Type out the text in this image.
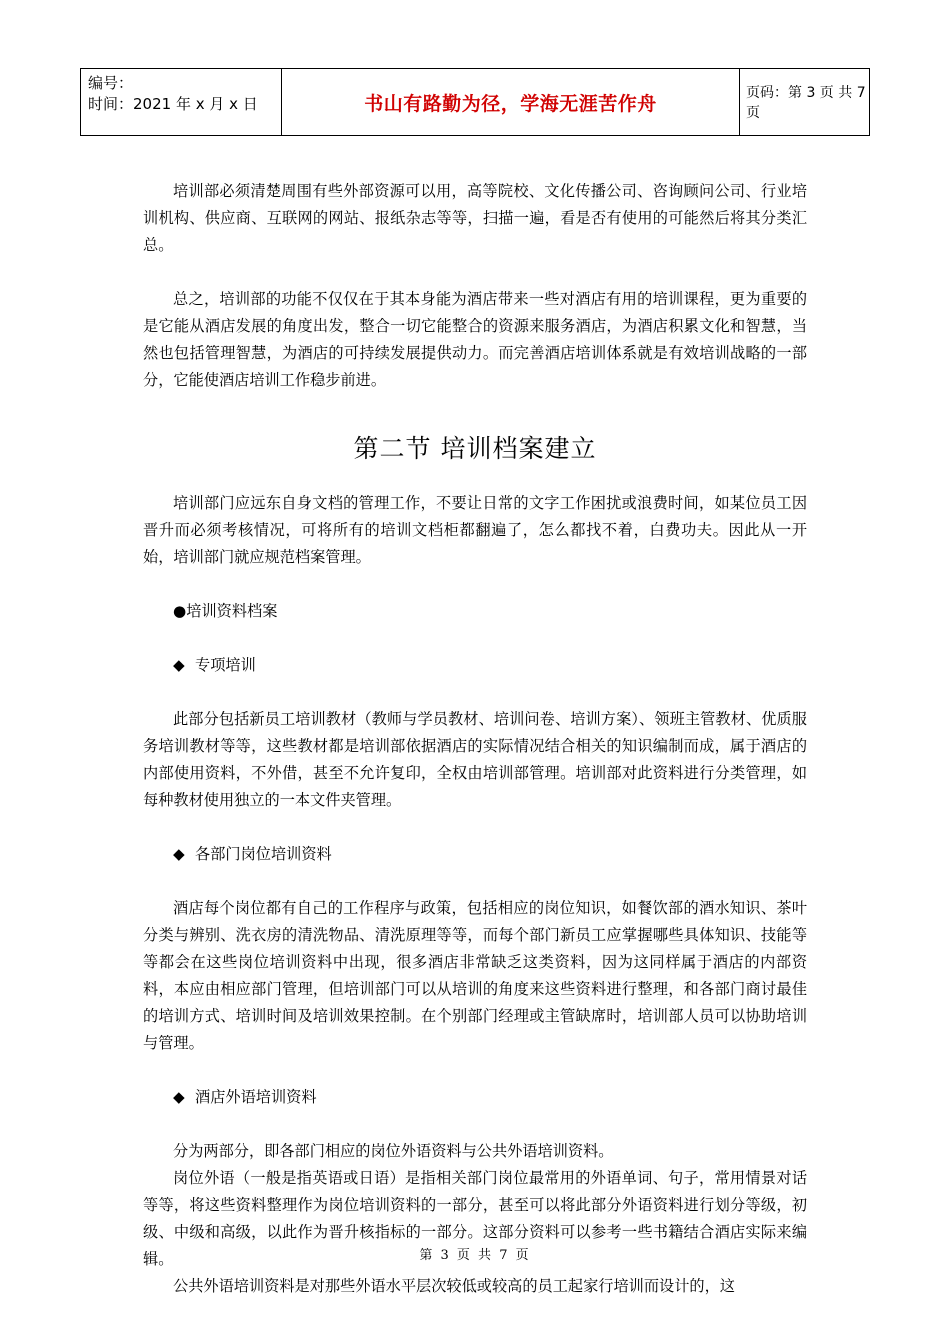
编号：
时间：2021 年 x 月 x 日	书山有路勤为径，学海无涯苦作舟	页码：第 3 页 共 7 页

培训部必须清楚周围有些外部资源可以用，高等院校、文化传播公司、咨询顾问公司、行业培训机构、供应商、互联网的网站、报纸杂志等等，扫描一遍，看是否有使用的可能然后将其分类汇总。

总之，培训部的功能不仅仅在于其本身能为酒店带来一些对酒店有用的培训课程，更为重要的是它能从酒店发展的角度出发，整合一切它能整合的资源来服务酒店，为酒店积累文化和智慧，当然也包括管理智慧，为酒店的可持续发展提供动力。而完善酒店培训体系就是有效培训战略的一部分，它能使酒店培训工作稳步前进。

第二节 培训档案建立

培训部门应远东自身文档的管理工作，不要让日常的文字工作困扰或浪费时间，如某位员工因晋升而必须考核情况，可将所有的培训文档柜都翻遍了，怎么都找不着，白费功夫。因此从一开始，培训部门就应规范档案管理。

●培训资料档案

◆ 专项培训

此部分包括新员工培训教材（教师与学员教材、培训问卷、培训方案）、领班主管教材、优质服务培训教材等等，这些教材都是培训部依据酒店的实际情况结合相关的知识编制而成，属于酒店的内部使用资料，不外借，甚至不允许复印，全权由培训部管理。培训部对此资料进行分类管理，如每种教材使用独立的一本文件夹管理。

◆ 各部门岗位培训资料

酒店每个岗位都有自己的工作程序与政策，包括相应的岗位知识，如餐饮部的酒水知识、茶叶分类与辨别、洗衣房的清洗物品、清洗原理等等，而每个部门新员工应掌握哪些具体知识、技能等等都会在这些岗位培训资料中出现，很多酒店非常缺乏这类资料，因为这同样属于酒店的内部资料，本应由相应部门管理，但培训部门可以从培训的角度来这些资料进行整理，和各部门商讨最佳的培训方式、培训时间及培训效果控制。在个别部门经理或主管缺席时，培训部人员可以协助培训与管理。

◆ 酒店外语培训资料

分为两部分，即各部门相应的岗位外语资料与公共外语培训资料。

岗位外语（一般是指英语或日语）是指相关部门岗位最常用的外语单词、句子，常用情景对话等等，将这些资料整理作为岗位培训资料的一部分，甚至可以将此部分外语资料进行划分等级，初级、中级和高级，以此作为晋升核指标的一部分。这部分资料可以参考一些书籍结合酒店实际来编辑。

公共外语培训资料是对那些外语水平层次较低或较高的员工起家行培训而设计的，这

第 3 页 共 7 页
